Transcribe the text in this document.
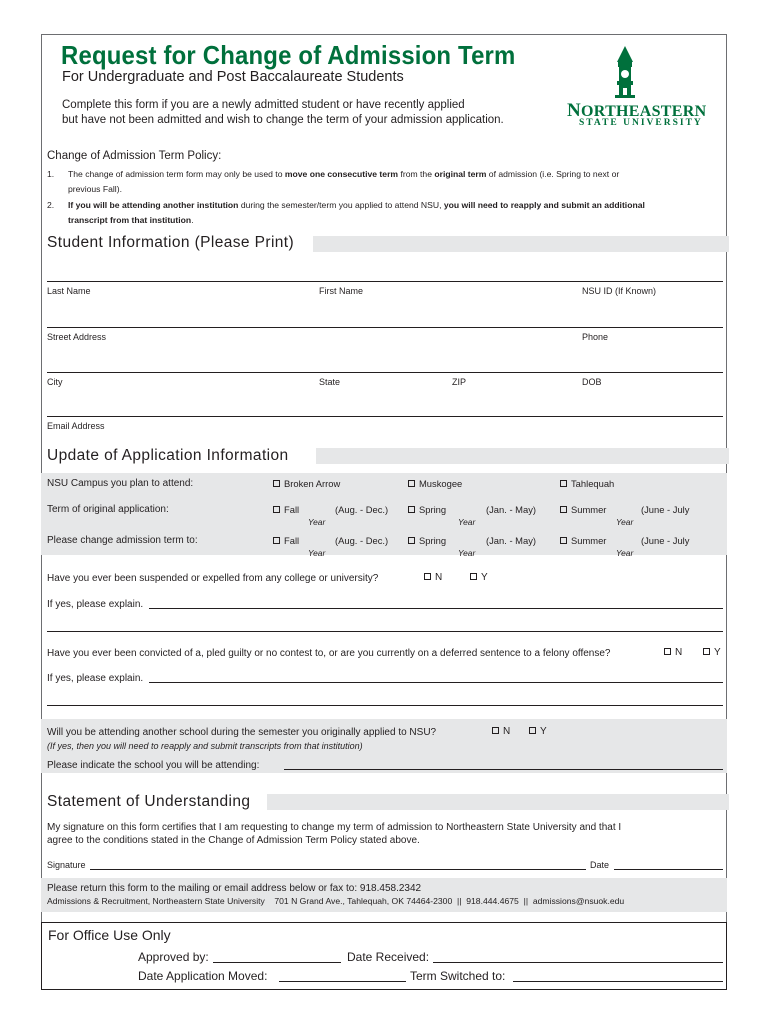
Request for Change of Admission Term
For Undergraduate and Post Baccalaureate Students
Complete this form if you are a newly admitted student or have recently applied
but have not been admitted and wish to change the term of your admission application.	NORTHEASTERN
STATE UNIVERSITY
Change of Admission Term Policy:
1. The change of admission term form may only be used to move one consecutive term from the original term of admission (i.e. Spring to next or
previous Fall).
2. If you will be attending another institution during the semester/term you applied to attend NSU, you will need to reapply and submit an additional
transcript from that institution.
Student Information (Please Print)
Last Name	First Name	NSU ID (If Known)
Street Address	Phone
City	State	ZIP	DOB
Email Address
Update of Application Information
NSU Campus you plan to attend:	Broken Arrow	Muskogee	Tahlequah
Term of original application:	Fall	(Aug. - Dec.)
Year
Spring	(Jan. - May)
Year
Summer	(June - July
Year
Please change admission term to:	Fall	(Aug. - Dec.)
Year
Spring	(Jan. - May)
Year
Summer	(June - July
Year
Have you ever been suspended or expelled from any college or university?	N	Y
If yes, please explain.
Have you ever been convicted of a, pled guilty or no contest to, or are you currently on a deferred sentence to a felony offense?	N	Y
If yes, please explain.
Will you be attending another school during the semester you originally applied to NSU?	N	Y
(If yes, then you will need to reapply and submit transcripts from that institution)
Please indicate the school you will be attending:
Statement of Understanding
My signature on this form certifies that I am requesting to change my term of admission to Northeastern State University and that I
agree to the conditions stated in the Change of Admission Term Policy stated above.
Signature	Date
Please return this form to the mailing or email address below or fax to: 918.458.2342
Admissions & Recruitment, Northeastern State University    701 N Grand Ave., Tahlequah, OK 74464-2300  ||  918.444.4675  ||  admissions@nsuok.edu
For Office Use Only
Approved by:	Date Received:
Date Application Moved:	Term Switched to:
